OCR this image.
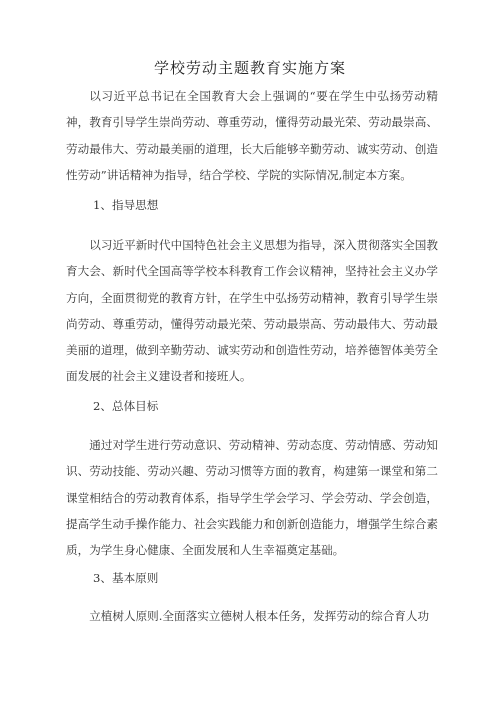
学校劳动主题教育实施方案

以习近平总书记在全国教育大会上强调的“要在学生中弘扬劳动精神，教育引导学生崇尚劳动、尊重劳动，懂得劳动最光荣、劳动最崇高、劳动最伟大、劳动最美丽的道理，长大后能够辛勤劳动、诚实劳动、创造性劳动”讲话精神为指导，结合学校、学院的实际情况,制定本方案。

1、指导思想

以习近平新时代中国特色社会主义思想为指导，深入贯彻落实全国教育大会、新时代全国高等学校本科教育工作会议精神，坚持社会主义办学方向，全面贯彻党的教育方针，在学生中弘扬劳动精神，教育引导学生崇尚劳动、尊重劳动，懂得劳动最光荣、劳动最崇高、劳动最伟大、劳动最美丽的道理，做到辛勤劳动、诚实劳动和创造性劳动，培养德智体美劳全面发展的社会主义建设者和接班人。

2、总体目标

通过对学生进行劳动意识、劳动精神、劳动态度、劳动情感、劳动知识、劳动技能、劳动兴趣、劳动习惯等方面的教育，构建第一课堂和第二课堂相结合的劳动教育体系，指导学生学会学习、学会劳动、学会创造，提高学生动手操作能力、社会实践能力和创新创造能力，增强学生综合素质，为学生身心健康、全面发展和人生幸福奠定基础。

3、基本原则

立植树人原则.全面落实立德树人根本任务，发挥劳动的综合育人功
